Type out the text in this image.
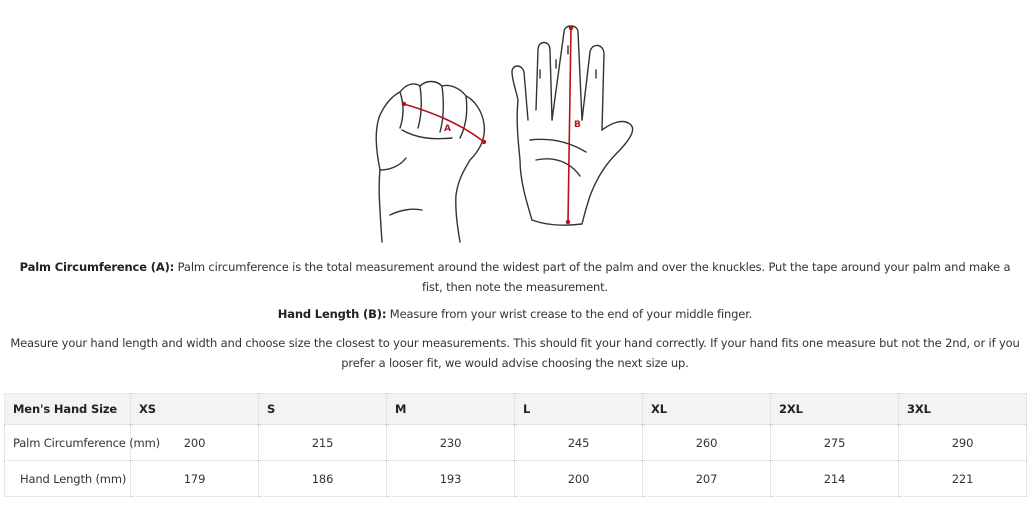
A	B
Palm Circumference (A): Palm circumference is the total measurement around the widest part of the palm and over the knuckles. Put the tape around your palm and make a fist, then note the measurement.
Hand Length (B): Measure from your wrist crease to the end of your middle finger.
Measure your hand length and width and choose size the closest to your measurements. This should fit your hand correctly. If your hand fits one measure but not the 2nd, or if you prefer a looser fit, we would advise choosing the next size up.
Men's Hand Size	XS	S	M	L	XL	2XL	3XL
Palm Circumference (mm)	200	215	230	245	260	275	290
Hand Length (mm)	179	186	193	200	207	214	221
